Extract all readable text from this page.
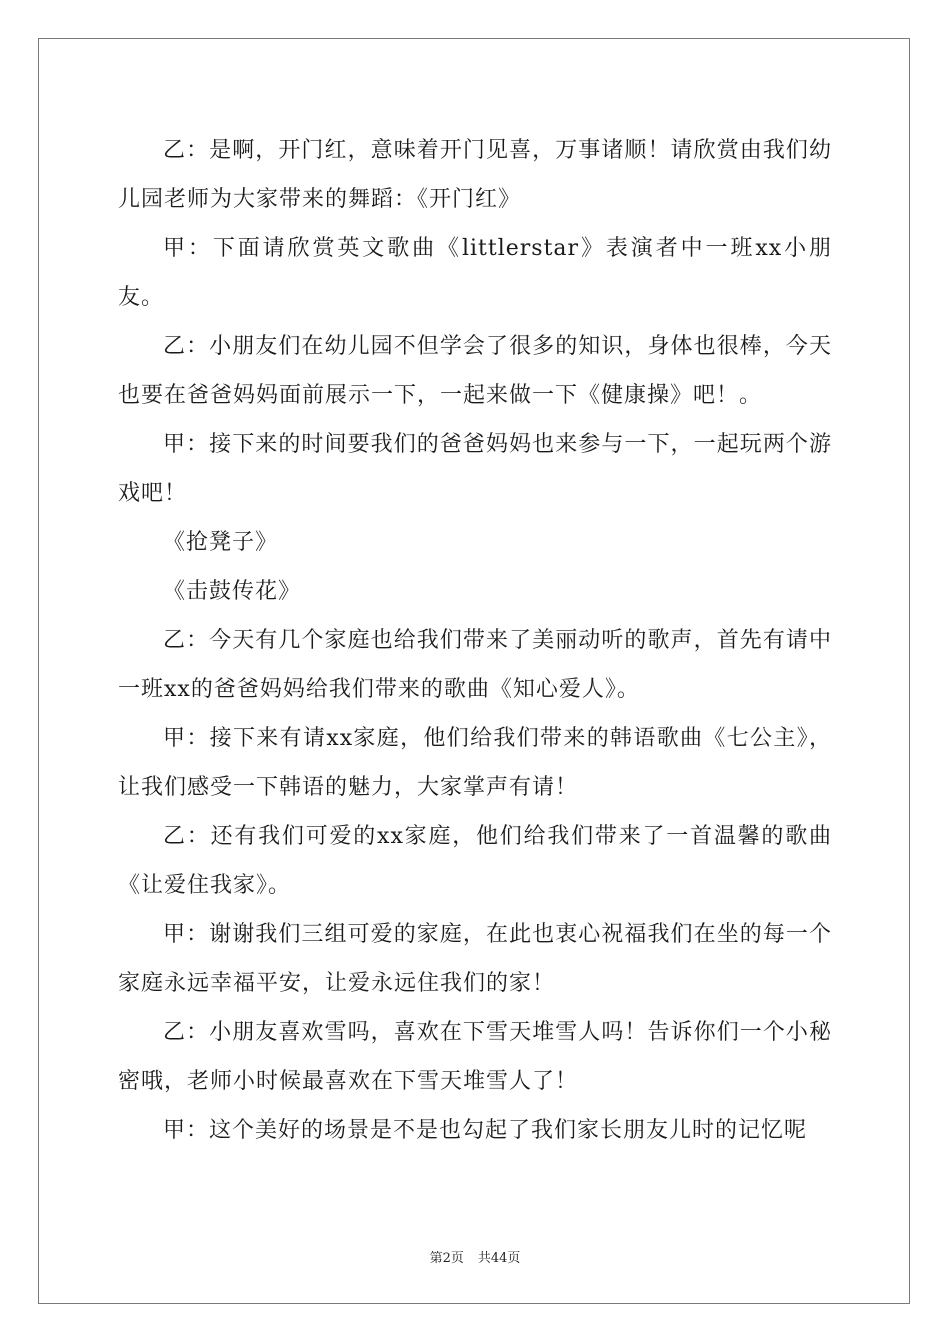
乙：是啊，开门红，意味着开门见喜，万事诸顺！请欣赏由我们幼儿园老师为大家带来的舞蹈：《开门红》

甲：下面请欣赏英文歌曲《littlerstar》表演者中一班xx小朋友。

乙：小朋友们在幼儿园不但学会了很多的知识，身体也很棒，今天也要在爸爸妈妈面前展示一下，一起来做一下《健康操》吧！。

甲：接下来的时间要我们的爸爸妈妈也来参与一下，一起玩两个游戏吧！

《抢凳子》

《击鼓传花》

乙：今天有几个家庭也给我们带来了美丽动听的歌声，首先有请中一班xx的爸爸妈妈给我们带来的歌曲《知心爱人》。

甲：接下来有请xx家庭，他们给我们带来的韩语歌曲《七公主》，让我们感受一下韩语的魅力，大家掌声有请！

乙：还有我们可爱的xx家庭，他们给我们带来了一首温馨的歌曲《让爱住我家》。

甲：谢谢我们三组可爱的家庭，在此也衷心祝福我们在坐的每一个家庭永远幸福平安，让爱永远住我们的家！

乙：小朋友喜欢雪吗，喜欢在下雪天堆雪人吗！告诉你们一个小秘密哦，老师小时候最喜欢在下雪天堆雪人了！

甲：这个美好的场景是不是也勾起了我们家长朋友儿时的记忆呢

第2页 共44页
